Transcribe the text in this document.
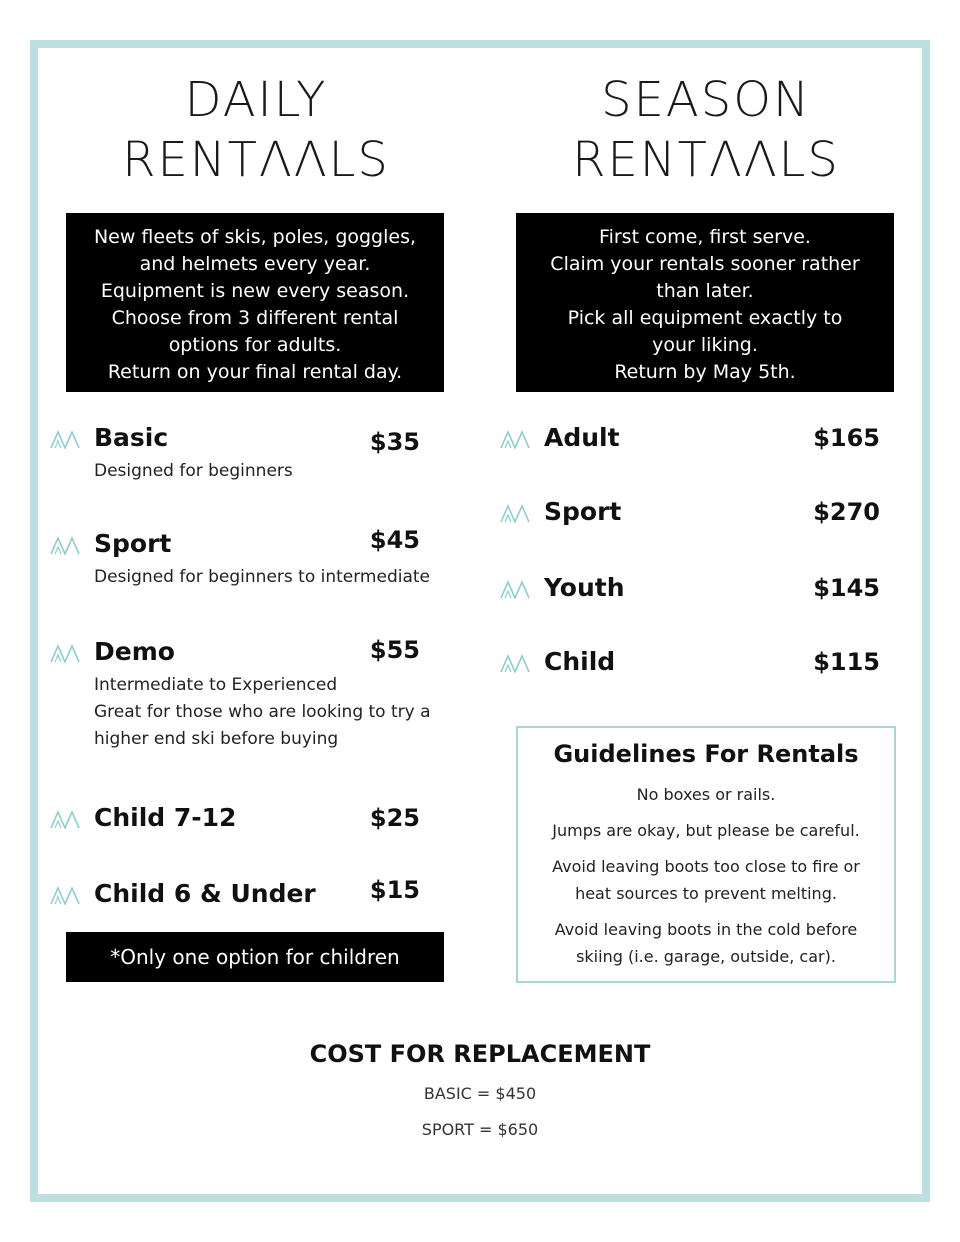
DAILY
RENTΛΛLS
New fleets of skis, poles, goggles,
and helmets every year.
Equipment is new every season.
Choose from 3 different rental
options for adults.
Return on your final rental day.
Basic	$35
Designed for beginners
Sport	$45
Designed for beginners to intermediate
Demo	$55
Intermediate to Experienced
Great for those who are looking to try a
higher end ski before buying
Child 7-12	$25
Child 6 & Under $15
*Only one option for children
SEASON
RENTΛΛLS
First come, first serve.
Claim your rentals sooner rather
than later.
Pick all equipment exactly to
your liking.
Return by May 5th.
Adult	$165
Sport	$270
Youth	$145
Child	$115
Guidelines For Rentals
No boxes or rails.
Jumps are okay, but please be careful.
Avoid leaving boots too close to fire or
heat sources to prevent melting.
Avoid leaving boots in the cold before
skiing (i.e. garage, outside, car).
COST FOR REPLACEMENT
BASIC = $450
SPORT = $650
